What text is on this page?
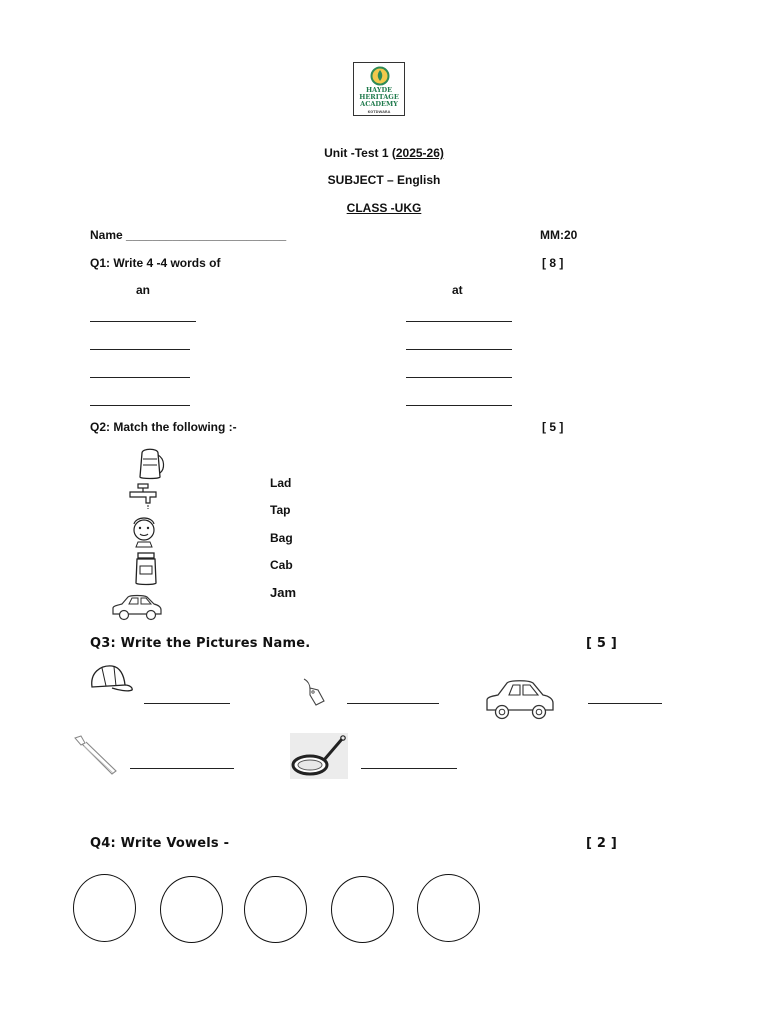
HAYDE
HERITAGE
ACADEMY
KOTDWARA
Unit -Test 1 (2025-26)
SUBJECT – English
CLASS -UKG
Name ________________________	MM:20
Q1: Write 4 -4 words of	[ 8 ]
an	at
Q2: Match the following :-	[ 5 ]
Lad
Tap
Bag
Cab
Jam
Q3: Write the Pictures Name.	[ 5 ]
Q4: Write Vowels -	[ 2 ]
